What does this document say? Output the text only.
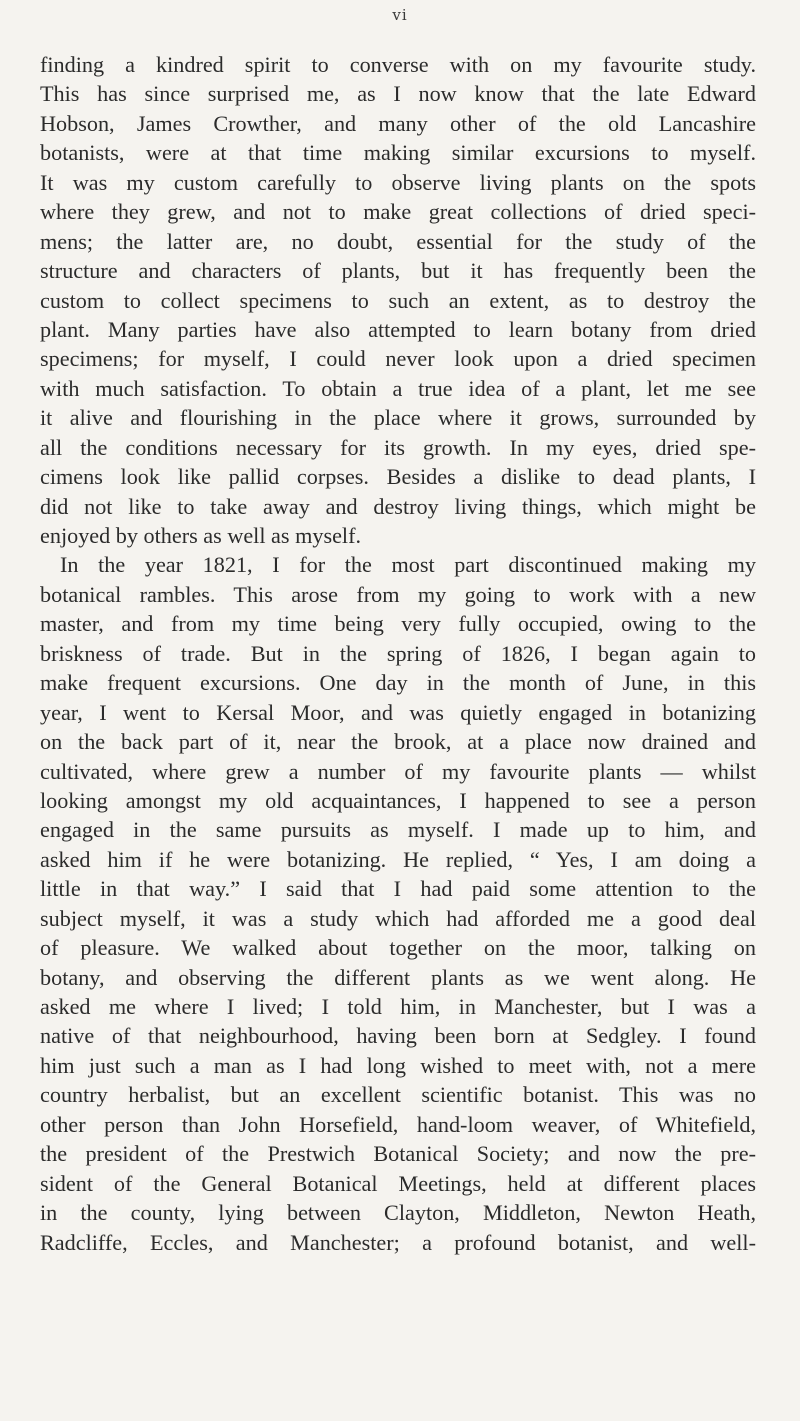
vi
finding a kindred spirit to converse with on my favourite study.
This has since surprised me, as I now know that the late Edward
Hobson, James Crowther, and many other of the old Lancashire
botanists, were at that time making similar excursions to myself.
It was my custom carefully to observe living plants on the spots
where they grew, and not to make great collections of dried speci-
mens; the latter are, no doubt, essential for the study of the
structure and characters of plants, but it has frequently been the
custom to collect specimens to such an extent, as to destroy the
plant. Many parties have also attempted to learn botany from dried
specimens; for myself, I could never look upon a dried specimen
with much satisfaction. To obtain a true idea of a plant, let me see
it alive and flourishing in the place where it grows, surrounded by
all the conditions necessary for its growth. In my eyes, dried spe-
cimens look like pallid corpses. Besides a dislike to dead plants, I
did not like to take away and destroy living things, which might be
enjoyed by others as well as myself.
In the year 1821, I for the most part discontinued making my
botanical rambles. This arose from my going to work with a new
master, and from my time being very fully occupied, owing to the
briskness of trade. But in the spring of 1826, I began again to
make frequent excursions. One day in the month of June, in this
year, I went to Kersal Moor, and was quietly engaged in botanizing
on the back part of it, near the brook, at a place now drained and
cultivated, where grew a number of my favourite plants — whilst
looking amongst my old acquaintances, I happened to see a person
engaged in the same pursuits as myself. I made up to him, and
asked him if he were botanizing. He replied, “ Yes, I am doing a
little in that way.” I said that I had paid some attention to the
subject myself, it was a study which had afforded me a good deal
of pleasure. We walked about together on the moor, talking on
botany, and observing the different plants as we went along. He
asked me where I lived; I told him, in Manchester, but I was a
native of that neighbourhood, having been born at Sedgley. I found
him just such a man as I had long wished to meet with, not a mere
country herbalist, but an excellent scientific botanist. This was no
other person than John Horsefield, hand-loom weaver, of Whitefield,
the president of the Prestwich Botanical Society; and now the pre-
sident of the General Botanical Meetings, held at different places
in the county, lying between Clayton, Middleton, Newton Heath,
Radcliffe, Eccles, and Manchester; a profound botanist, and well-
